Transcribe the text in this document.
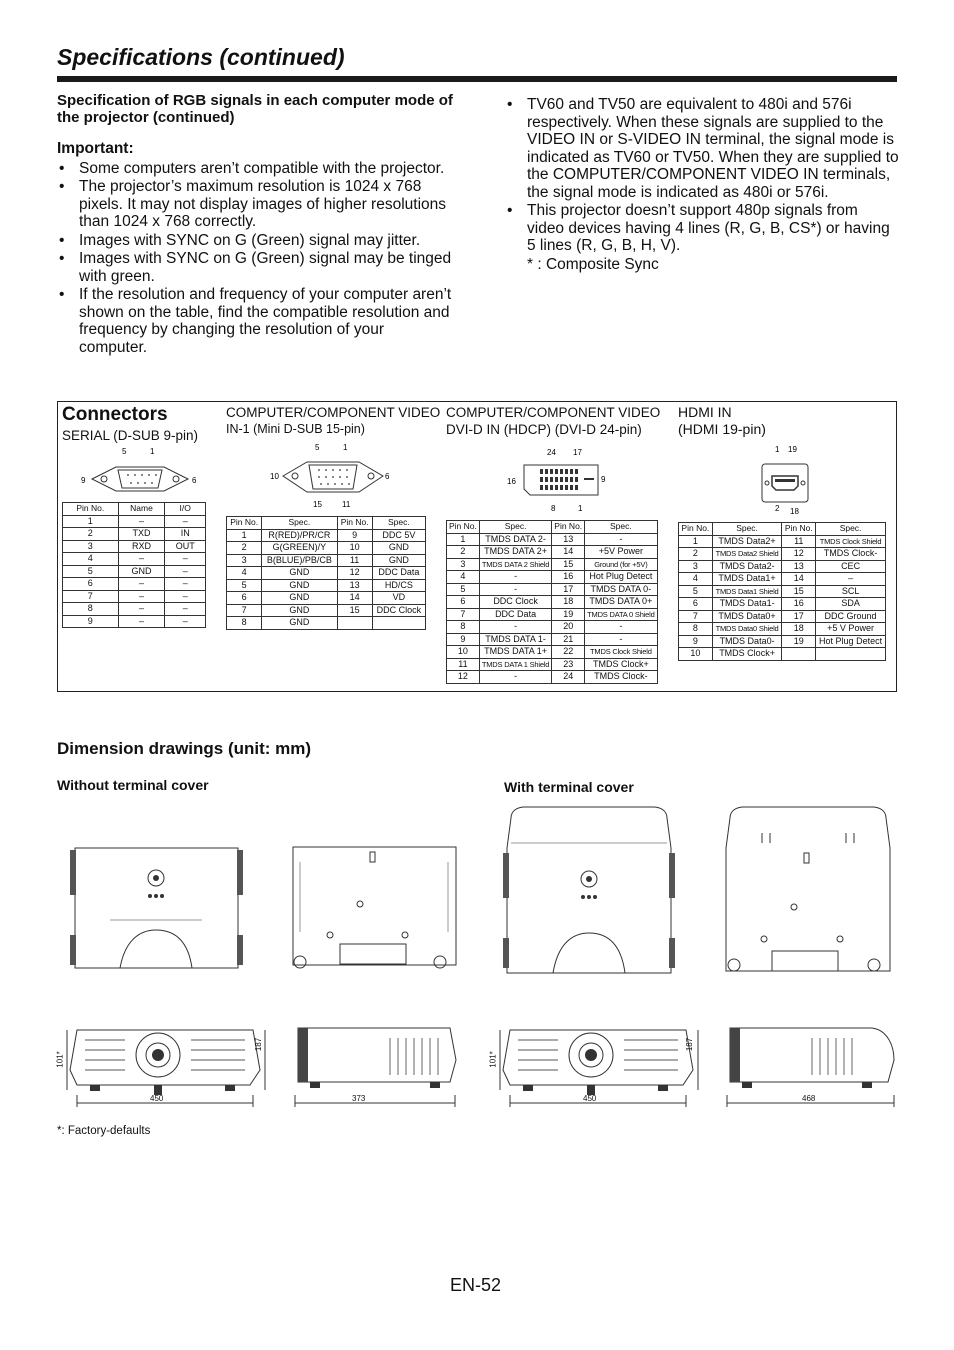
Specifications (continued)
Specification of RGB signals in each computer mode of the projector (continued)
Important:
• Some computers aren’t compatible with the projector.
• The projector’s maximum resolution is 1024 x 768 pixels. It may not display images of higher resolutions than 1024 x 768 correctly.
• Images with SYNC on G (Green) signal may jitter.
• Images with SYNC on G (Green) signal may be tinged with green.
• If the resolution and frequency of your computer aren’t shown on the table, find the compatible resolution and frequency by changing the resolution of your computer.
• TV60 and TV50 are equivalent to 480i and 576i respectively. When these signals are supplied to the VIDEO IN or S-VIDEO IN terminal, the signal mode is indicated as TV60 or TV50. When they are supplied to the COMPUTER/COMPONENT VIDEO IN terminals, the signal mode is indicated as 480i or 576i.
• This projector doesn’t support 480p signals from video devices having 4 lines (R, G, B, CS*) or having 5 lines (R, G, B, H, V).
* : Composite Sync
Connectors
SERIAL (D-SUB 9-pin)
5	1
9	6
Pin No.	Name	I/O
1	–	–
2	TXD	IN
3	RXD	OUT
4	–	–
5	GND	–
6	–	–
7	–	–
8	–	–
9	–	–
COMPUTER/COMPONENT VIDEO
IN-1 (Mini D-SUB 15-pin)
5	1
10	6
15	11
Pin No.	Spec.	Pin No.	Spec.
1	R(RED)/PR/CR	9	DDC 5V
2	G(GREEN)/Y	10	GND
3	B(BLUE)/PB/CB	11	GND
4	GND	12	DDC Data
5	GND	13	HD/CS
6	GND	14	VD
7	GND	15	DDC Clock
8	GND		
COMPUTER/COMPONENT VIDEO
DVI-D IN (HDCP) (DVI-D 24-pin)
24 17
16	9
8	1
Pin No.	Spec.	Pin No.	Spec.
1	TMDS DATA 2-	13	-
2	TMDS DATA 2+	14	+5V Power
3	TMDS DATA 2 Shield	15	Ground (for +5V)
4	-	16	Hot Plug Detect
5	-	17	TMDS DATA 0-
6	DDC Clock	18	TMDS DATA 0+
7	DDC Data	19	TMDS DATA 0 Shield
8	-	20	-
9	TMDS DATA 1-	21	-
10	TMDS DATA 1+	22	TMDS Clock Shield
11	TMDS DATA 1 Shield	23	TMDS Clock+
12	-	24	TMDS Clock-
HDMI IN
(HDMI 19-pin)
1 19
2 18
Pin No.	Spec.	Pin No.	Spec.
1	TMDS Data2+	11	TMDS Clock Shield
2	TMDS Data2 Shield	12	TMDS Clock-
3	TMDS Data2-	13	CEC
4	TMDS Data1+	14	–
5	TMDS Data1 Shield	15	SCL
6	TMDS Data1-	16	SDA
7	TMDS Data0+	17	DDC Ground
8	TMDS Data0 Shield	18	+5 V Power
9	TMDS Data0-	19	Hot Plug Detect
10	TMDS Clock+		
Dimension drawings (unit: mm)
Without terminal cover	With terminal cover
450
187
101*
373	450
187
101*
468
*: Factory-defaults
EN-52
